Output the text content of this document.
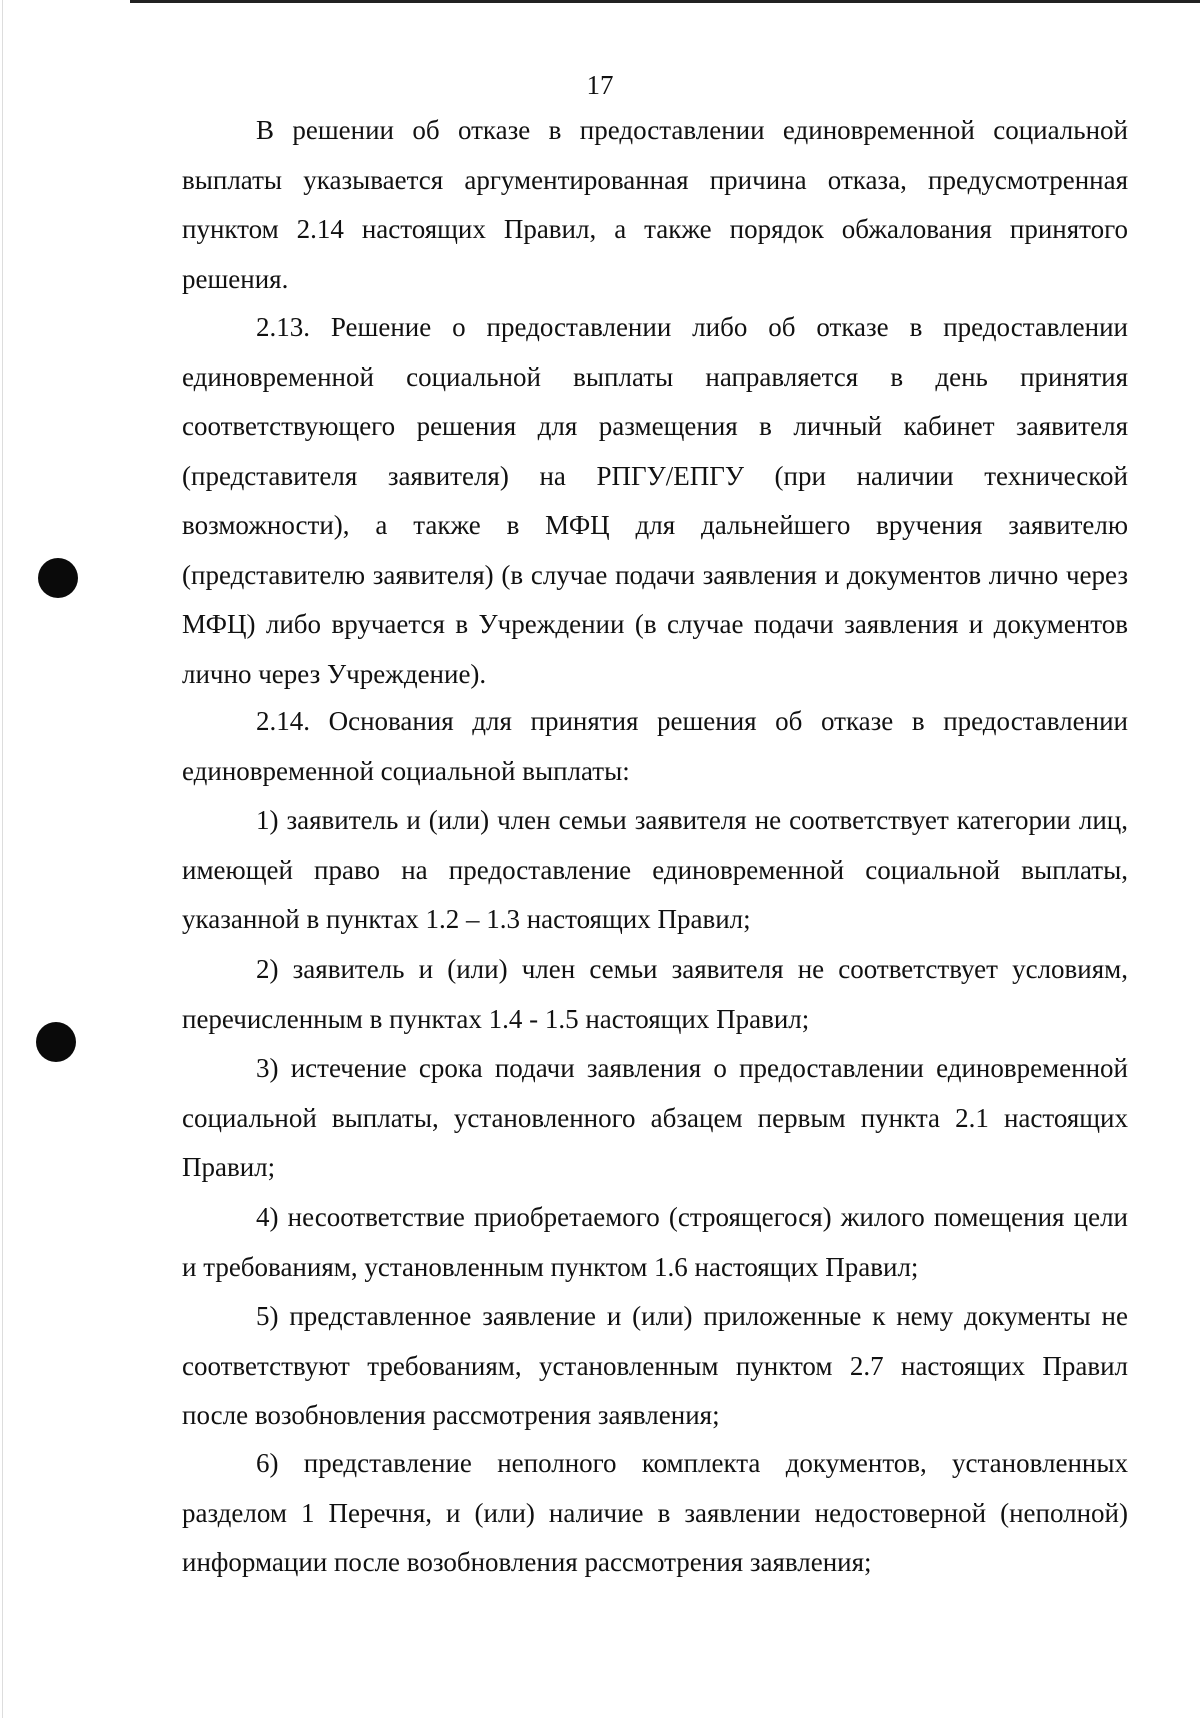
17

В решении об отказе в предоставлении единовременной социальной выплаты указывается аргументированная причина отказа, предусмотренная пунктом 2.14 настоящих Правил, а также порядок обжалования принятого решения.

2.13. Решение о предоставлении либо об отказе в предоставлении единовременной социальной выплаты направляется в день принятия соответствующего решения для размещения в личный кабинет заявителя (представителя заявителя) на РПГУ/ЕПГУ (при наличии технической возможности), а также в МФЦ для дальнейшего вручения заявителю (представителю заявителя) (в случае подачи заявления и документов лично через МФЦ) либо вручается в Учреждении (в случае подачи заявления и документов лично через Учреждение).

2.14. Основания для принятия решения об отказе в предоставлении единовременной социальной выплаты:

1) заявитель и (или) член семьи заявителя не соответствует категории лиц, имеющей право на предоставление единовременной социальной выплаты, указанной в пунктах 1.2 – 1.3 настоящих Правил;

2) заявитель и (или) член семьи заявителя не соответствует условиям, перечисленным в пунктах 1.4 - 1.5 настоящих Правил;

3) истечение срока подачи заявления о предоставлении единовременной социальной выплаты, установленного абзацем первым пункта 2.1 настоящих Правил;

4) несоответствие приобретаемого (строящегося) жилого помещения цели и требованиям, установленным пунктом 1.6 настоящих Правил;

5) представленное заявление и (или) приложенные к нему документы не соответствуют требованиям, установленным пунктом 2.7 настоящих Правил после возобновления рассмотрения заявления;

6) представление неполного комплекта документов, установленных разделом 1 Перечня, и (или) наличие в заявлении недостоверной (неполной) информации после возобновления рассмотрения заявления;
